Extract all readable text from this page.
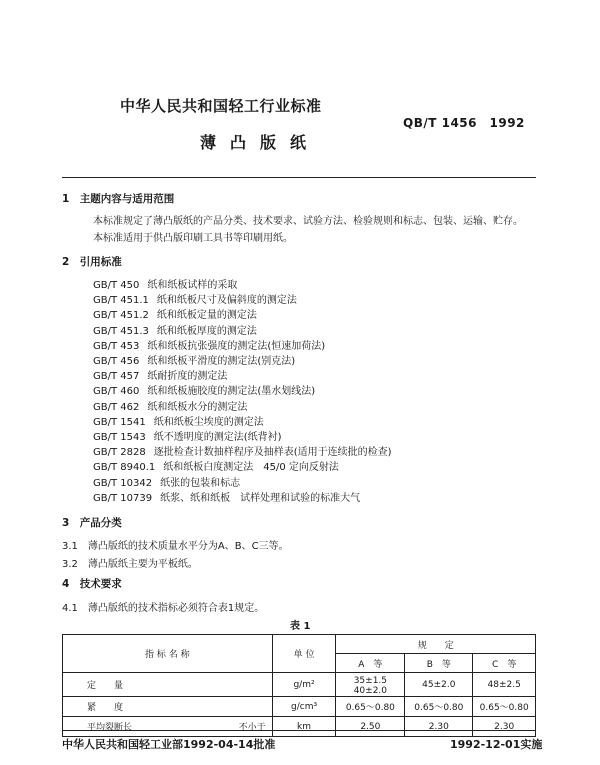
中华人民共和国轻工行业标准
QB/T 1456　1992
薄凸版纸
1　主题内容与适用范围
本标准规定了薄凸版纸的产品分类、技术要求、试验方法、检验规则和标志、包装、运输、贮存。
本标准适用于供凸版印刷工具书等印刷用纸。
2　引用标准
GB/T 450 纸和纸板试样的采取
GB/T 451.1 纸和纸板尺寸及偏斜度的测定法
GB/T 451.2 纸和纸板定量的测定法
GB/T 451.3 纸和纸板厚度的测定法
GB/T 453 纸和纸板抗张强度的测定法(恒速加荷法)
GB/T 456 纸和纸板平滑度的测定法(别克法)
GB/T 457 纸耐折度的测定法
GB/T 460 纸和纸板施胶度的测定法(墨水划线法)
GB/T 462 纸和纸板水分的测定法
GB/T 1541 纸和纸板尘埃度的测定法
GB/T 1543 纸不透明度的测定法(纸背衬)
GB/T 2828 逐批检查计数抽样程序及抽样表(适用于连续批的检查)
GB/T 8940.1 纸和纸板白度测定法　45/0 定向反射法
GB/T 10342 纸张的包装和标志
GB/T 10739 纸浆、纸和纸板　试样处理和试验的标准大气
3　产品分类
3.1　薄凸版纸的技术质量水平分为A、B、C三等。
3.2　薄凸版纸主要为平板纸。
4　技术要求
4.1　薄凸版纸的技术指标必须符合表1规定。
表 1
指 标 名 称	单 位	规　　定		
		A　等	B　等	C　等
定　　量	g/m²	35±1.5　40±2.0	45±2.0	48±2.5
紧　　度	g/cm³	0.65～0.80	0.65～0.80	0.65～0.80
平均裂断长 不小于	km	2.50	2.30	2.30
中华人民共和国轻工业部1992-04-14批准	1992-12-01实施
